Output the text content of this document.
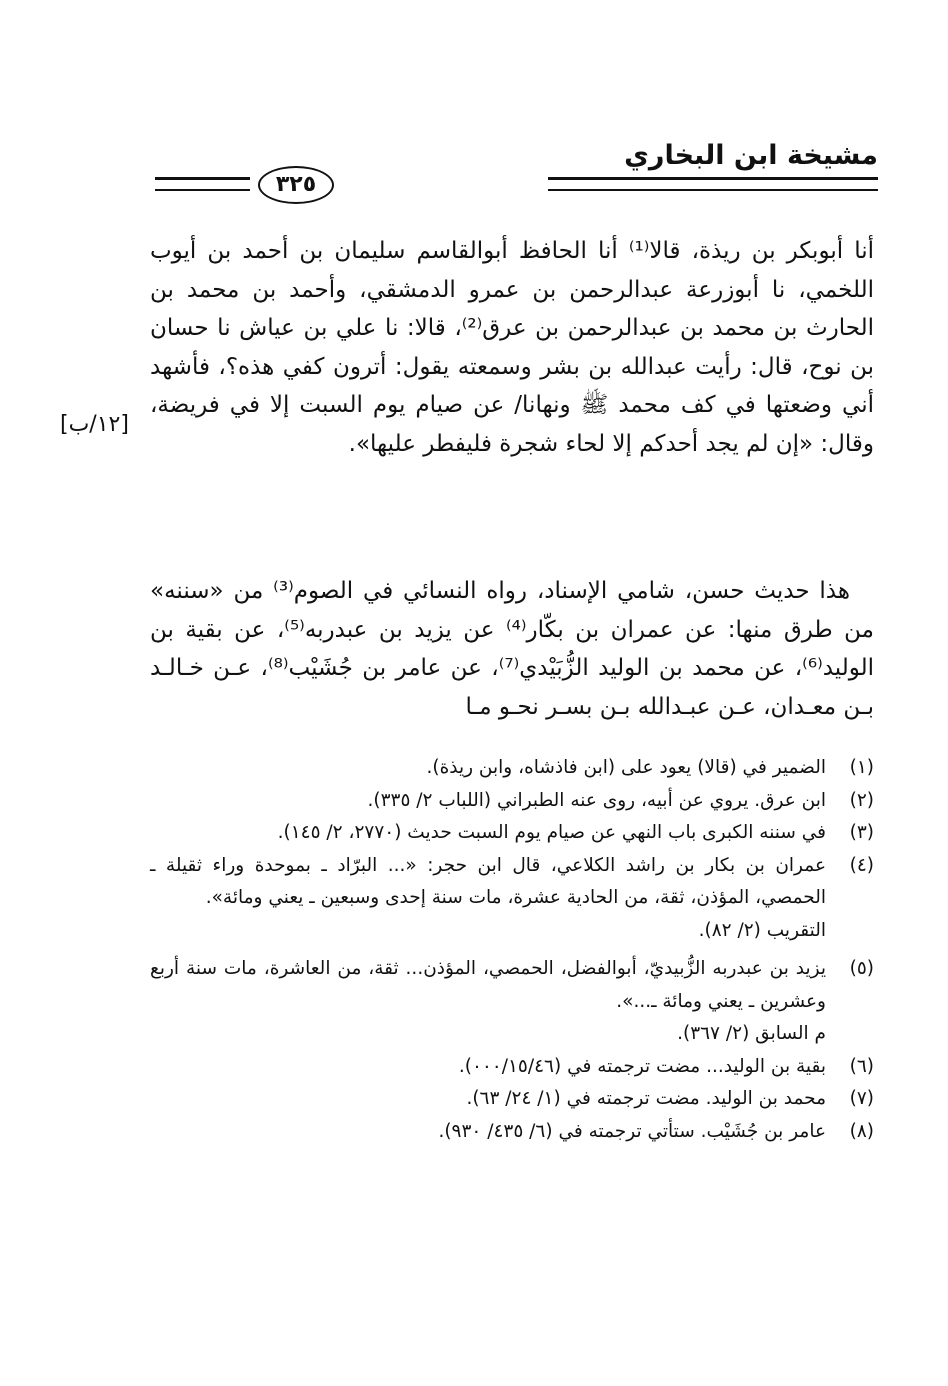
مشيخة ابن البخاري
٣٢٥
[١٢/ب]

أنا أبوبكر بن ريذة، قالا⁽¹⁾ أنا الحافظ أبوالقاسم سليمان بن أحمد بن أيوب اللخمي، نا أبوزرعة عبدالرحمن بن عمرو الدمشقي، وأحمد بن محمد بن الحارث بن محمد بن عبدالرحمن بن عرق⁽²⁾، قالا: نا علي بن عياش نا حسان بن نوح، قال: رأيت عبدالله بن بشر وسمعته يقول: أترون كفي هذه؟، فأشهد أني وضعتها في كف محمد ﷺ ونهانا/ عن صيام يوم السبت إلا في فريضة، وقال: «إن لم يجد أحدكم إلا لحاء شجرة فليفطر عليها».

هذا حديث حسن، شامي الإسناد، رواه النسائي في الصوم⁽³⁾ من «سننه» من طرق منها: عن عمران بن بكّار⁽⁴⁾ عن يزيد بن عبدربه⁽⁵⁾، عن بقية بن الوليد⁽⁶⁾، عن محمد بن الوليد الزُّبَيْدي⁽⁷⁾، عن عامر بن جُشَيْب⁽⁸⁾، عـن خـالـد بـن معـدان، عـن عبـدالله بـن بسـر نحـو مـا

(١)
الضمير في (قالا) يعود على (ابن فاذشاه، وابن ريذة).
(٢)
ابن عرق. يروي عن أبيه، روى عنه الطبراني (اللباب ٢/ ٣٣٥).
(٣)
في سننه الكبرى باب النهي عن صيام يوم السبت حديث (٢٧٧٠، ٢/ ١٤٥).
(٤)
عمران بن بكار بن راشد الكلاعي، قال ابن حجر: «... البرّاد ـ بموحدة وراء ثقيلة ـ الحمصي، المؤذن، ثقة، من الحادية عشرة، مات سنة إحدى وسبعين ـ يعني ومائة».
التقريب (٢/ ٨٢).
(٥)
يزيد بن عبدربه الزُّبيديّ، أبوالفضل، الحمصي، المؤذن... ثقة، من العاشرة، مات سنة أربع وعشرين ـ يعني ومائة ـ...».
م السابق (٢/ ٣٦٧).
(٦)
بقية بن الوليد... مضت ترجمته في (٠٠٠/١٥/٤٦).
(٧)
محمد بن الوليد. مضت ترجمته في (١/ ٢٤/ ٦٣).
(٨)
عامر بن جُشَيْب. ستأتي ترجمته في (٦/ ٤٣٥/ ٩٣٠).
